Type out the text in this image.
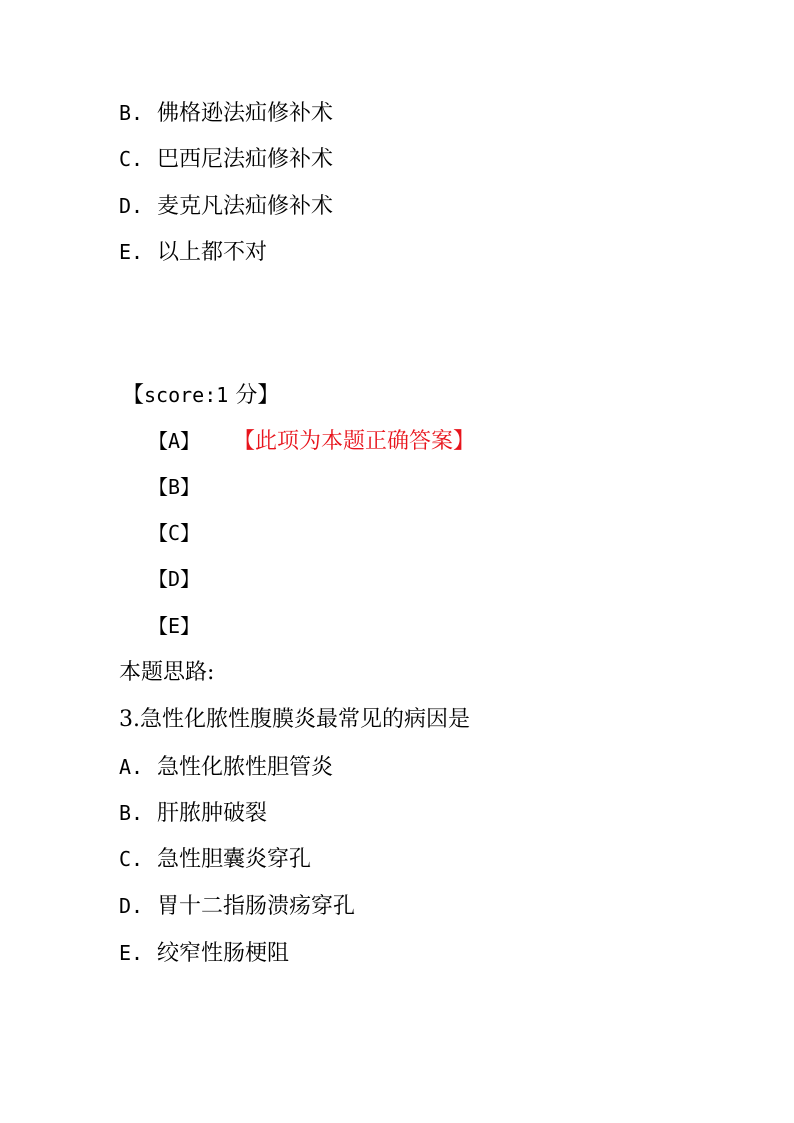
B. 佛格逊法疝修补术
C. 巴西尼法疝修补术
D. 麦克凡法疝修补术
E. 以上都不对
【score:1 分】
【A】 【此项为本题正确答案】
【B】
【C】
【D】
【E】
本题思路:
3.急性化脓性腹膜炎最常见的病因是
A. 急性化脓性胆管炎
B. 肝脓肿破裂
C. 急性胆囊炎穿孔
D. 胃十二指肠溃疡穿孔
E. 绞窄性肠梗阻
